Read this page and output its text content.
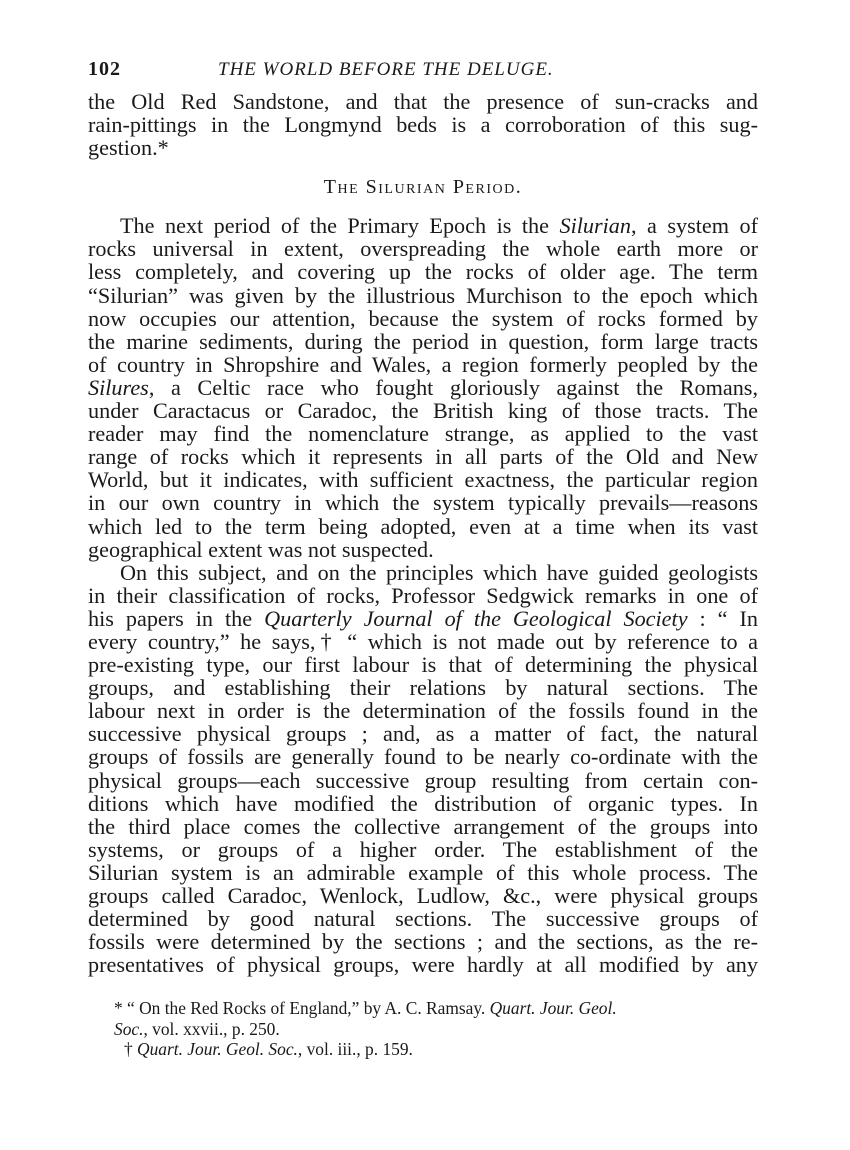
102	THE WORLD BEFORE THE DELUGE.
the Old Red Sandstone, and that the presence of sun-cracks and
rain-pittings in the Longmynd beds is a corroboration of this sug-
gestion.*
The Silurian Period.
The next period of the Primary Epoch is the Silurian, a system of
rocks universal in extent, overspreading the whole earth more or
less completely, and covering up the rocks of older age. The term
“Silurian” was given by the illustrious Murchison to the epoch which
now occupies our attention, because the system of rocks formed by
the marine sediments, during the period in question, form large tracts
of country in Shropshire and Wales, a region formerly peopled by the
Silures, a Celtic race who fought gloriously against the Romans,
under Caractacus or Caradoc, the British king of those tracts. The
reader may find the nomenclature strange, as applied to the vast
range of rocks which it represents in all parts of the Old and New
World, but it indicates, with sufficient exactness, the particular region
in our own country in which the system typically prevails—reasons
which led to the term being adopted, even at a time when its vast
geographical extent was not suspected.
On this subject, and on the principles which have guided geologists
in their classification of rocks, Professor Sedgwick remarks in one of
his papers in the Quarterly Journal of the Geological Society : “ In
every country,” he says,† “ which is not made out by reference to a
pre-existing type, our first labour is that of determining the physical
groups, and establishing their relations by natural sections. The
labour next in order is the determination of the fossils found in the
successive physical groups ; and, as a matter of fact, the natural
groups of fossils are generally found to be nearly co-ordinate with the
physical groups—each successive group resulting from certain con-
ditions which have modified the distribution of organic types. In
the third place comes the collective arrangement of the groups into
systems, or groups of a higher order. The establishment of the
Silurian system is an admirable example of this whole process. The
groups called Caradoc, Wenlock, Ludlow, &c., were physical groups
determined by good natural sections. The successive groups of
fossils were determined by the sections ; and the sections, as the re-
presentatives of physical groups, were hardly at all modified by any
* “ On the Red Rocks of England,” by A. C. Ramsay. Quart. Jour. Geol.
Soc., vol. xxvii., p. 250.
† Quart. Jour. Geol. Soc., vol. iii., p. 159.
